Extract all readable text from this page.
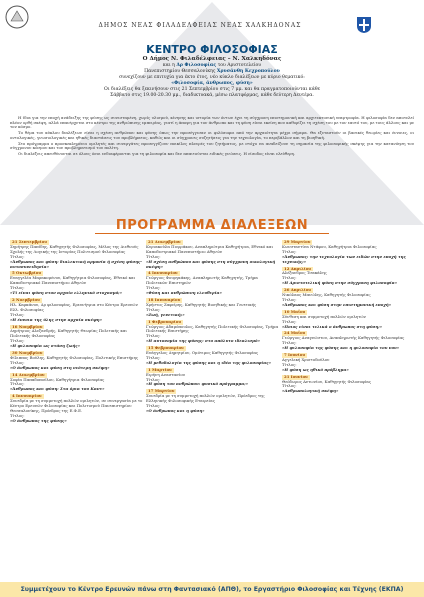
ΔΗΜΟΣ ΝΕΑΣ ΦΙΛΑΔΕΛΦΕΙΑΣ ΝΕΑΣ ΧΑΛΚΗΔΟΝΑΣ
ΚΕΝΤΡΟ ΦΙΛΟΣΟΦΙΑΣ
Ο Δήμος Ν. Φιλαδέλφειας – Ν. Χαλκηδόνας
και η Δρ Φιλοσοφίας του Αριστοτελείου
Πανεπιστημίου Θεσσαλονίκης Χρυσάνθη Κεχροπούλου
συνεχίζουν με επιτυχία για έκτο έτος, νέο κύκλο διαλέξεων με κύριο θεματικό:
«Φιλοσοφία, άνθρωπος, φύση»
Οι διαλέξεις θα ξεκινήσουν στις 21 Σεπτεμβρίου στις 7 μμ. και θα πραγματοποιούνται κάθε Σάββατο στις 19.00-20.30 μμ., διαδικτυακά, μέσω πλατφόρμας, κάθε δεύτερη Δευτέρα.

Η ίδια για την εποχή ανάδειξης της φύσης ως συνισταμένη, χωρίς υλισμού, κίνησης και ιστορία των όντων έχει τη σύγχρονη επιστημονική και αρχιτεκτονική υπερτροφία. Η φιλοσοφία δεν αποτελεί πλέον ορθή σκέψη, αλλά επανέρχεται στο κέντρο της ανθρώπινης εμπειρίας, γιατί η άποψη για τον άνθρωπο και τη φύση είναι εκείνη που καθορίζει τη σχέση του με τον εαυτό του, με τους άλλους και με τον κόσμο.

Το θέμα του κύκλου διαλέξεων είναι η σχέση ανθρώπου και φύσης όπως την προσέγγισαν οι φιλόσοφοι από την αρχαιότητα μέχρι σήμερα. Θα εξεταστούν οι βασικές θεωρίες και έννοιες, οι οντολογικές, γνωσιολογικές και ηθικές διαστάσεις του προβλήματος, καθώς και οι σύγχρονες συζητήσεις για την τεχνολογία, το περιβάλλον και τη βιοηθική.

Στο πρόγραμμα ο προσκεκλημένοι ομιλητές και συνεργάτες προσεγγίζουν ποικίλες πλευρές του ζητήματος, με στόχο να αναδείξουν τη σημασία της φιλοσοφικής σκέψης για την κατανόηση του σύγχρονου κόσμου και τον προβληματισμό του πολίτη.

Οι διαλέξεις απευθύνονται σε όλους όσοι ενδιαφέρονται για τη φιλοσοφία και δεν απαιτούνται ειδικές γνώσεις. Η είσοδος είναι ελεύθερη.

ΠΡΟΓΡΑΜΜΑ ΔΙΑΛΕΞΕΩΝ
21 Σεπτεμβρίου
Σημήτρης Παπίδης, Καθηγητής Φιλοσοφίας, Μέλος της Διεθνούς Σχολής της Λογικής της Ιστορίας Πολιτισμού Φιλοσοφίας
Τίτλος:
«Άνθρωπος και φύση: διαλεκτική αρμονία ή σχέση φύσης-αυτοσυνειδησία»
5 Οκτωβρίου
Ευαγγελία Μαρακομένου, Καθηγήτρια Φιλοσοφίας, Εθνικό και Καποδιστριακό Πανεπιστήμιο Αθηνών
Τίτλος:
«Τί είναι φύση στον αρχαίο ελληνικό στοχασμό;»
2 Νοεμβρίου
Ηλ. Καρκάνου, Δρ φιλοσοφίας, Ερευνήτρια στο Κέντρο Ερευνών Ελλ. Φιλοσοφίας
Τίτλος:
«Η έννοια της ύλης στην αρχαία σκέψη»
16 Νοεμβρίου
Δημήτριος Αλεξανδρής, Καθηγητής Θεωρίας Πολιτικής και Πολιτικής Φιλοσοφίας
Τίτλος:
«Η φιλοσοφία ως στάση ζωής»
30 Νοεμβρίου
Φίλιππος Βούλης, Καθηγητής Φιλοσοφίας, Πολιτικής Επιστήμης
Τίτλος:
«Ο άνθρωπος και φύση στη νεότερη σκέψη»
14 Δεκεμβρίου
Σοφία Παπαδοπούλου, Καθηγήτρια Φιλοσοφίας
Τίτλος:
«Άνθρωπος και φύση: Στα όρια του Καντ»
4 Ιανουαρίου
Συνεδρία με τη συμμετοχή πολλών ομιλητών, σε συνεργασία με το Κέντρο Ερευνών Φιλοσοφίας και Πολιτισμού Πανεπιστημίου Θεσσαλονίκης, Πρόεδρος της Ε.Φ.Ε.
Τίτλος:
«Ο άνθρωπος της φύσης»
21 Δεκεμβρίου
Κυριακούλα Πιερράκου, Αναπληρώτρια Καθηγήτρια, Εθνικό και Καποδιστριακό Πανεπιστήμιο Αθηνών
Τίτλος:
«Η σχέση ανθρώπου και φύσης στη σύγχρονη οικολογική σκέψη»
4 Ιανουαρίου
Γεώργιος Φουργκάκης, Αναπληρωτής Καθηγητής, Τμήμα Πολιτικών Επιστημών
Τίτλος:
«Φύση και ανθρώπινη ελευθερία»
18 Ιανουαρίου
Χρήστος Ζαφείρης, Καθηγητής Βιοηθικής και Γενετικής
Τίτλος:
«Ζωή, γενετική;»
1 Φεβρουαρίου
Γεώργιος Αδαμόπουλος, Καθηγητής Πολιτικής Φιλοσοφίας, Τμήμα Πολιτικής Επιστήμης
Τίτλος:
«Η αυτονομία της φύσης: στο απόλυτο ιδεαλισμό»
15 Φεβρουαρίου
Ευάγγελος Δημητρίου, Ομότιμος Καθηγητής Φιλοσοφίας
Τίτλος:
«Η μεθοδολογία της φύσης και η ιδέα της φιλοσοφίας»
1 Μαρτίου
Ειρήνη Αναστασίου
Τίτλος:
«Η φύση του ανθρώπου: φυσικό πρόγραμμα;»
17 Μαρτίου
Συνεδρία με τη συμμετοχή πολλών ομιλητών, Πρόεδρος της Ελληνικής Φιλοσοφικής Εταιρείας
Τίτλος:
«Ο άνθρωπος και η φύση»
29 Μαρτίου
Κωνσταντίνα Ντάφου, Καθηγήτρια Φιλοσοφίας
Τίτλος:
«Άνθρωπος: την τεχνολογία των ειδών στην εποχή της τεχνικής;»
12 Απριλίου
Αλέξανδρος Τσακάλης
Τίτλος:
«Η Αριστοτελική φύση στην σύγχρονη φιλοσοφία»
26 Απριλίου
Νικόλαος Μανώλης, Καθηγητής Φιλοσοφίας
Τίτλος:
«Άνθρωπος και φύση στην επιστημονική εποχή»
10 Μαΐου
Σύνθεση και συμμετοχή πολλών ομιλητών
Τίτλος:
«Ποιος είναι τελικά ο άνθρωπος στη φύση;»
24 Μαΐου
Γεώργιος Αναγνώστου, Αναπληρωτής Καθηγητής Φιλοσοφίας
Τίτλος:
«Η φιλοσοφία της φύσης και η φιλοσοφία του νου»
7 Ιουνίου
Αγγελική Χριστοδούλου
Τίτλος:
«Η φύση ως ηθικό πρόβλημα»
21 Ιουνίου
Θεόδωρος Αντωνίου, Καθηγητής Φιλοσοφίας
Τίτλος:
«Ανθρωπολογική σκέψη»
Συμμετέχουν το Κέντρο Ερευνών πάνω στη Φαντασιακό (ΑΠΘ), το Εργαστήριο Φιλοσοφίας και Τέχνης (ΕΚΠΑ)
